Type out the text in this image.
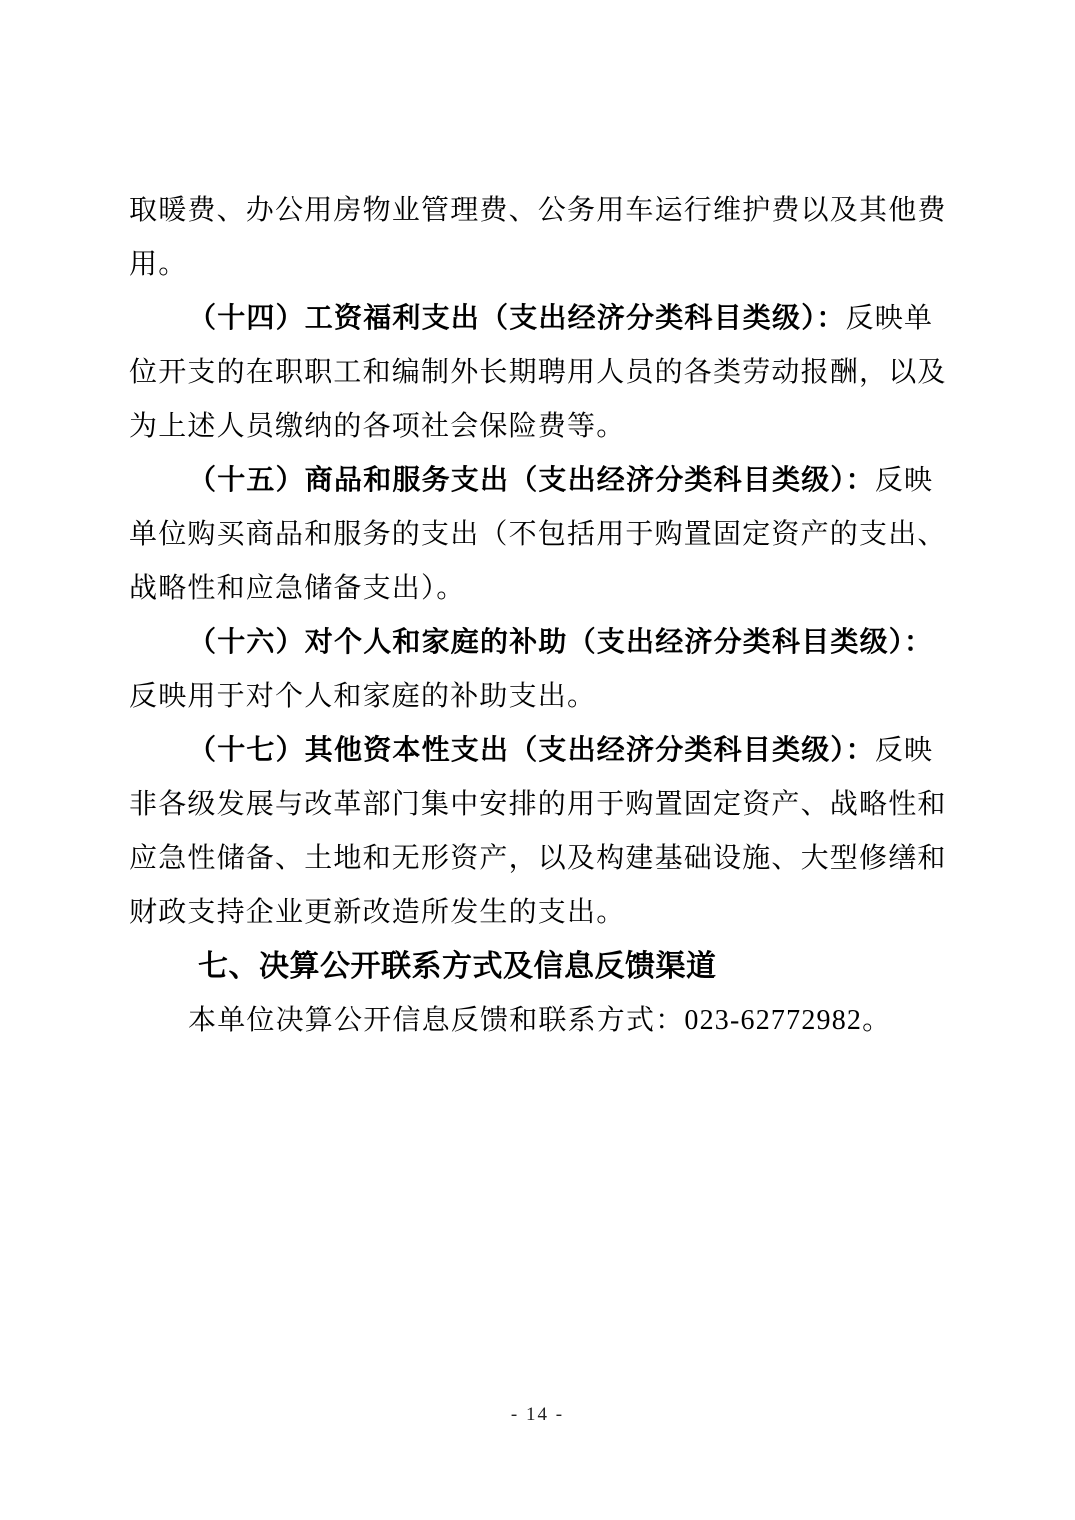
取暖费、办公用房物业管理费、公务用车运行维护费以及其他费
用。
（十四）工资福利支出（支出经济分类科目类级）：反映单
位开支的在职职工和编制外长期聘用人员的各类劳动报酬，以及
为上述人员缴纳的各项社会保险费等。
（十五）商品和服务支出（支出经济分类科目类级）：反映
单位购买商品和服务的支出（不包括用于购置固定资产的支出、
战略性和应急储备支出）。
（十六）对个人和家庭的补助（支出经济分类科目类级）：
反映用于对个人和家庭的补助支出。
（十七）其他资本性支出（支出经济分类科目类级）：反映
非各级发展与改革部门集中安排的用于购置固定资产、战略性和
应急性储备、土地和无形资产，以及构建基础设施、大型修缮和
财政支持企业更新改造所发生的支出。
七、决算公开联系方式及信息反馈渠道
本单位决算公开信息反馈和联系方式：023-62772982。
- 14 -
